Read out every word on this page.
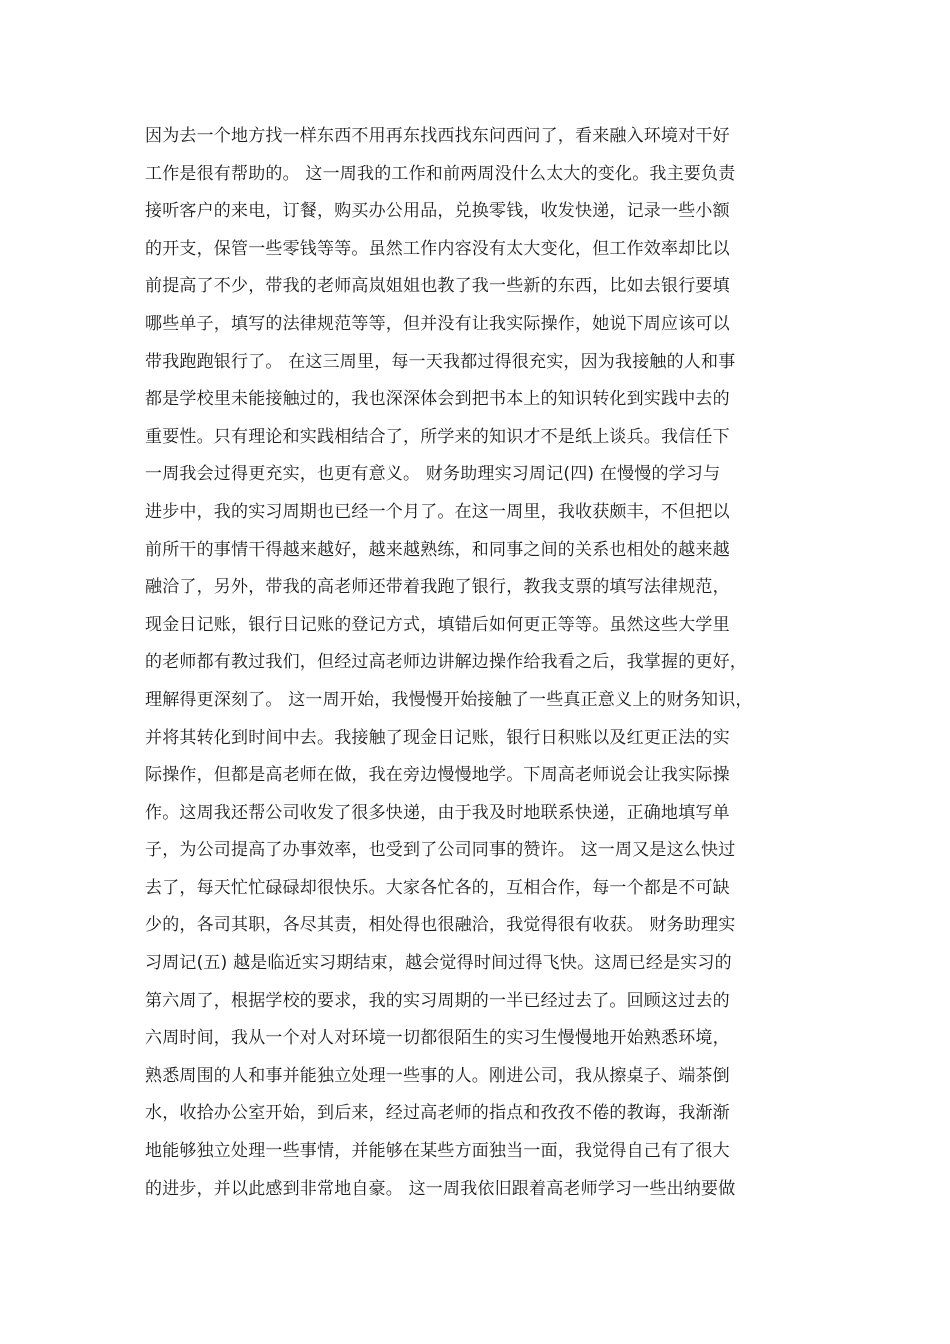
因为去一个地方找一样东西不用再东找西找东问西问了，看来融入环境对干好
工作是很有帮助的。 这一周我的工作和前两周没什么太大的变化。我主要负责
接听客户的来电，订餐，购买办公用品，兑换零钱，收发快递，记录一些小额
的开支，保管一些零钱等等。虽然工作内容没有太大变化，但工作效率却比以
前提高了不少，带我的老师高岚姐姐也教了我一些新的东西，比如去银行要填
哪些单子，填写的法律规范等等，但并没有让我实际操作，她说下周应该可以
带我跑跑银行了。 在这三周里，每一天我都过得很充实，因为我接触的人和事
都是学校里未能接触过的，我也深深体会到把书本上的知识转化到实践中去的
重要性。只有理论和实践相结合了，所学来的知识才不是纸上谈兵。我信任下
一周我会过得更充实，也更有意义。 财务助理实习周记(四) 在慢慢的学习与
进步中，我的实习周期也已经一个月了。在这一周里，我收获颇丰，不但把以
前所干的事情干得越来越好，越来越熟练，和同事之间的关系也相处的越来越
融洽了，另外，带我的高老师还带着我跑了银行，教我支票的填写法律规范，
现金日记账，银行日记账的登记方式，填错后如何更正等等。虽然这些大学里
的老师都有教过我们，但经过高老师边讲解边操作给我看之后，我掌握的更好，
理解得更深刻了。 这一周开始，我慢慢开始接触了一些真正意义上的财务知识，
并将其转化到时间中去。我接触了现金日记账，银行日积账以及红更正法的实
际操作，但都是高老师在做，我在旁边慢慢地学。下周高老师说会让我实际操
作。这周我还帮公司收发了很多快递，由于我及时地联系快递，正确地填写单
子，为公司提高了办事效率，也受到了公司同事的赞许。 这一周又是这么快过
去了，每天忙忙碌碌却很快乐。大家各忙各的，互相合作，每一个都是不可缺
少的，各司其职，各尽其责，相处得也很融洽，我觉得很有收获。 财务助理实
习周记(五) 越是临近实习期结束，越会觉得时间过得飞快。这周已经是实习的
第六周了，根据学校的要求，我的实习周期的一半已经过去了。回顾这过去的
六周时间，我从一个对人对环境一切都很陌生的实习生慢慢地开始熟悉环境，
熟悉周围的人和事并能独立处理一些事的人。刚进公司，我从擦桌子、端茶倒
水，收拾办公室开始，到后来，经过高老师的指点和孜孜不倦的教诲，我渐渐
地能够独立处理一些事情，并能够在某些方面独当一面，我觉得自己有了很大
的进步，并以此感到非常地自豪。 这一周我依旧跟着高老师学习一些出纳要做
